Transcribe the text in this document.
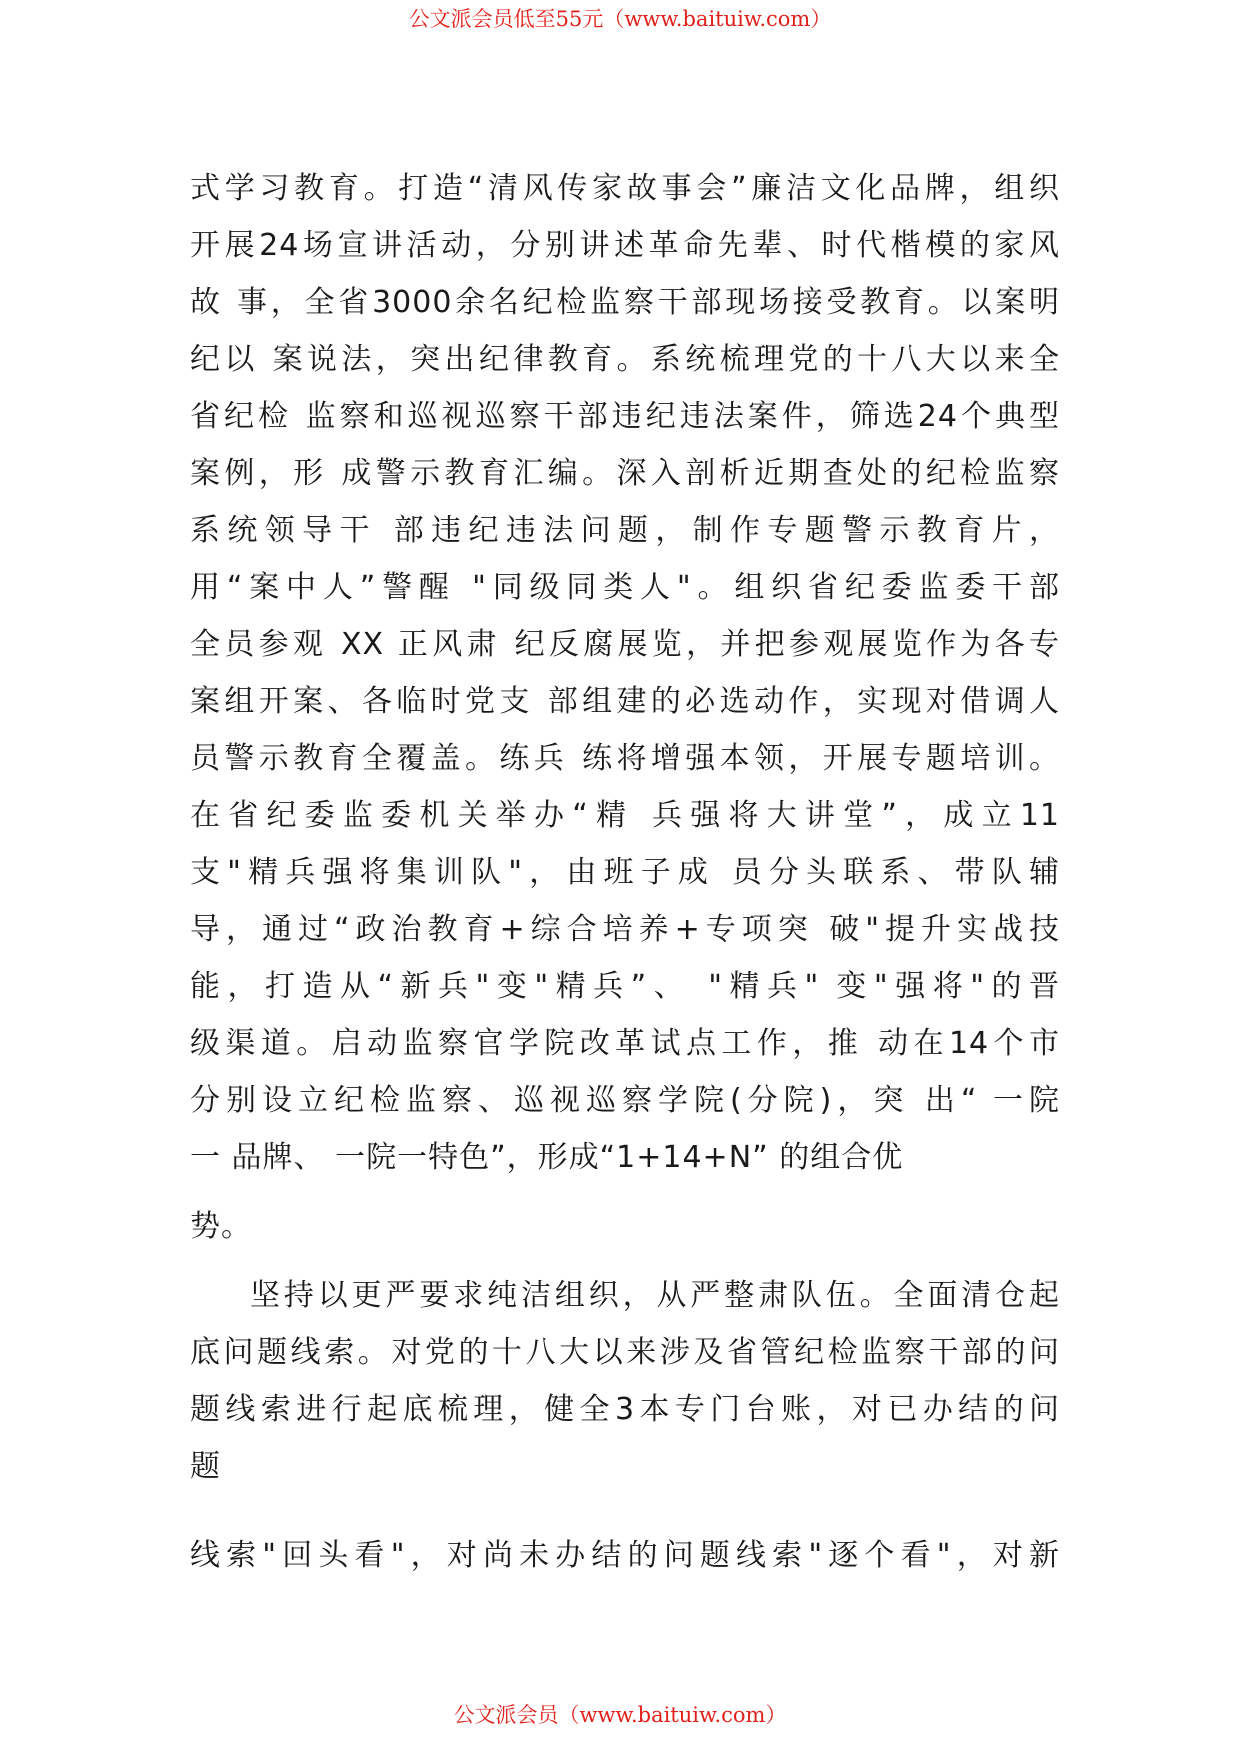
公文派会员低至55元（www.baituiw.com）
式学习教育。打造“清风传家故事会”廉洁文化品牌，组织
开展24场宣讲活动，分别讲述革命先辈、时代楷模的家风
故 事，全省3000余名纪检监察干部现场接受教育。以案明
纪以 案说法，突出纪律教育。系统梳理党的十八大以来全
省纪检 监察和巡视巡察干部违纪违法案件，筛选24个典型
案例，形 成警示教育汇编。深入剖析近期查处的纪检监察
系统领导干 部违纪违法问题，制作专题警示教育片，
用“案中人”警醒 "同级同类人"。组织省纪委监委干部
全员参观 XX 正风肃 纪反腐展览，并把参观展览作为各专
案组开案、各临时党支 部组建的必选动作，实现对借调人
员警示教育全覆盖。练兵 练将增强本领，开展专题培训。
在省纪委监委机关举办“精 兵强将大讲堂”，成立11
支"精兵强将集训队"，由班子成 员分头联系、带队辅
导，通过“政治教育+综合培养+专项突 破"提升实战技
能，打造从“新兵"变"精兵”、 "精兵" 变"强将"的晋
级渠道。启动监察官学院改革试点工作，推 动在14个市
分别设立纪检监察、巡视巡察学院(分院)，突 出“ 一院
一 品牌、 一院一特色”，形成“1+14+N” 的组合优
势。
坚持以更严要求纯洁组织，从严整肃队伍。全面清仓起
底问题线索。对党的十八大以来涉及省管纪检监察干部的问
题线索进行起底梳理，健全3本专门台账，对已办结的问
题
线索"回头看"，对尚未办结的问题线索"逐个看"，对新
公文派会员（www.baituiw.com）
